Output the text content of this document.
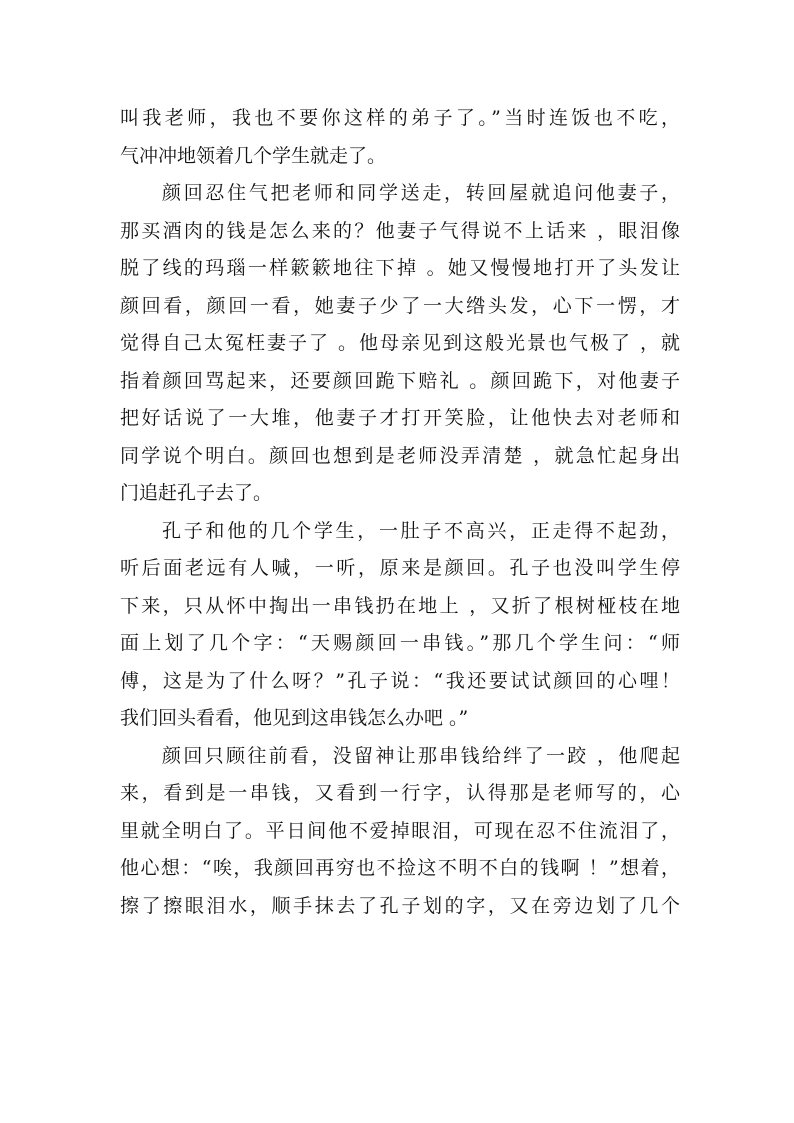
叫我老师，我也不要你这样的弟子了。”当时连饭也不吃，
气冲冲地领着几个学生就走了。
颜回忍住气把老师和同学送走，转回屋就追问他妻子，
那买酒肉的钱是怎么来的？他妻子气得说不上话来 ，眼泪像
脱了线的玛瑙一样簌簌地往下掉 。她又慢慢地打开了头发让
颜回看，颜回一看，她妻子少了一大绺头发，心下一愣，才
觉得自己太冤枉妻子了 。他母亲见到这般光景也气极了 ，就
指着颜回骂起来，还要颜回跪下赔礼 。颜回跪下，对他妻子
把好话说了一大堆，他妻子才打开笑脸，让他快去对老师和
同学说个明白。颜回也想到是老师没弄清楚 ，就急忙起身出
门追赶孔子去了。
孔子和他的几个学生，一肚子不高兴，正走得不起劲，
听后面老远有人喊，一听，原来是颜回。孔子也没叫学生停
下来，只从怀中掏出一串钱扔在地上 ，又折了根树桠枝在地
面上划了几个字：“天赐颜回一串钱。”那几个学生问：“师
傅，这是为了什么呀？”孔子说：“我还要试试颜回的心哩！
我们回头看看，他见到这串钱怎么办吧 。”
颜回只顾往前看，没留神让那串钱给绊了一跤 ，他爬起
来，看到是一串钱，又看到一行字，认得那是老师写的，心
里就全明白了。平日间他不爱掉眼泪，可现在忍不住流泪了，
他心想：“唉，我颜回再穷也不捡这不明不白的钱啊 ！”想着，
擦了擦眼泪水，顺手抹去了孔子划的字，又在旁边划了几个
